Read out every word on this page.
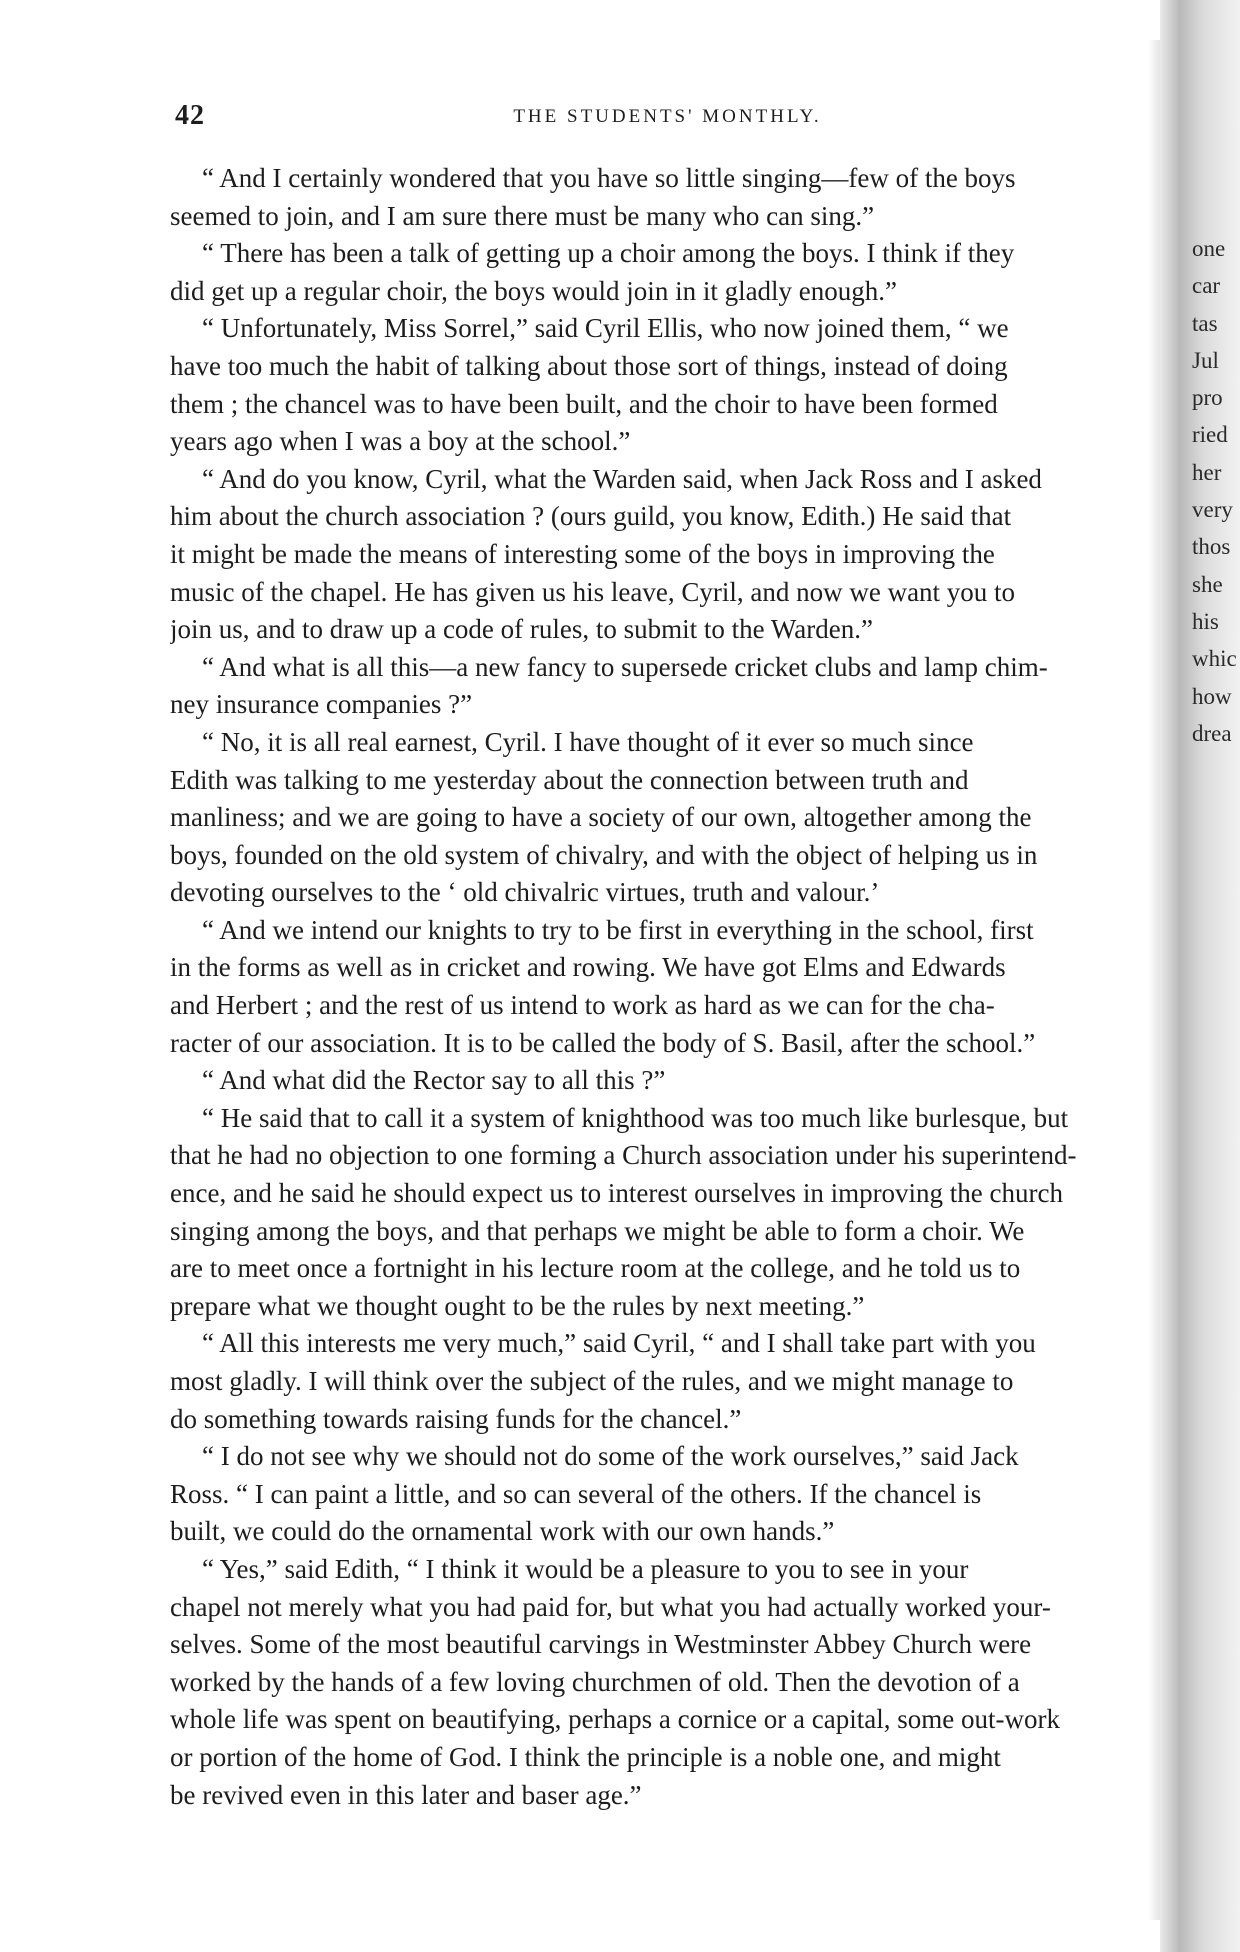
42	THE STUDENTS' MONTHLY.
“ And I certainly wondered that you have so little singing—few of the boys
seemed to join, and I am sure there must be many who can sing.”
“ There has been a talk of getting up a choir among the boys. I think if they
did get up a regular choir, the boys would join in it gladly enough.”
“ Unfortunately, Miss Sorrel,” said Cyril Ellis, who now joined them, “ we
have too much the habit of talking about those sort of things, instead of doing
them ; the chancel was to have been built, and the choir to have been formed
years ago when I was a boy at the school.”
“ And do you know, Cyril, what the Warden said, when Jack Ross and I asked
him about the church association ? (ours guild, you know, Edith.) He said that
it might be made the means of interesting some of the boys in improving the
music of the chapel. He has given us his leave, Cyril, and now we want you to
join us, and to draw up a code of rules, to submit to the Warden.”
“ And what is all this—a new fancy to supersede cricket clubs and lamp chim-
ney insurance companies ?”
“ No, it is all real earnest, Cyril. I have thought of it ever so much since
Edith was talking to me yesterday about the connection between truth and
manliness; and we are going to have a society of our own, altogether among the
boys, founded on the old system of chivalry, and with the object of helping us in
devoting ourselves to the ‘ old chivalric virtues, truth and valour.’
“ And we intend our knights to try to be first in everything in the school, first
in the forms as well as in cricket and rowing. We have got Elms and Edwards
and Herbert ; and the rest of us intend to work as hard as we can for the cha-
racter of our association. It is to be called the body of S. Basil, after the school.”
“ And what did the Rector say to all this ?”
“ He said that to call it a system of knighthood was too much like burlesque, but
that he had no objection to one forming a Church association under his superintend-
ence, and he said he should expect us to interest ourselves in improving the church
singing among the boys, and that perhaps we might be able to form a choir. We
are to meet once a fortnight in his lecture room at the college, and he told us to
prepare what we thought ought to be the rules by next meeting.”
“ All this interests me very much,” said Cyril, “ and I shall take part with you
most gladly. I will think over the subject of the rules, and we might manage to
do something towards raising funds for the chancel.”
“ I do not see why we should not do some of the work ourselves,” said Jack
Ross. “ I can paint a little, and so can several of the others. If the chancel is
built, we could do the ornamental work with our own hands.”
“ Yes,” said Edith, “ I think it would be a pleasure to you to see in your
chapel not merely what you had paid for, but what you had actually worked your-
selves. Some of the most beautiful carvings in Westminster Abbey Church were
worked by the hands of a few loving churchmen of old. Then the devotion of a
whole life was spent on beautifying, perhaps a cornice or a capital, some out-work
or portion of the home of God. I think the principle is a noble one, and might
be revived even in this later and baser age.”
one
car
tas
Jul
pro
ried
her
very
thos
she
his
whic
how
drea
